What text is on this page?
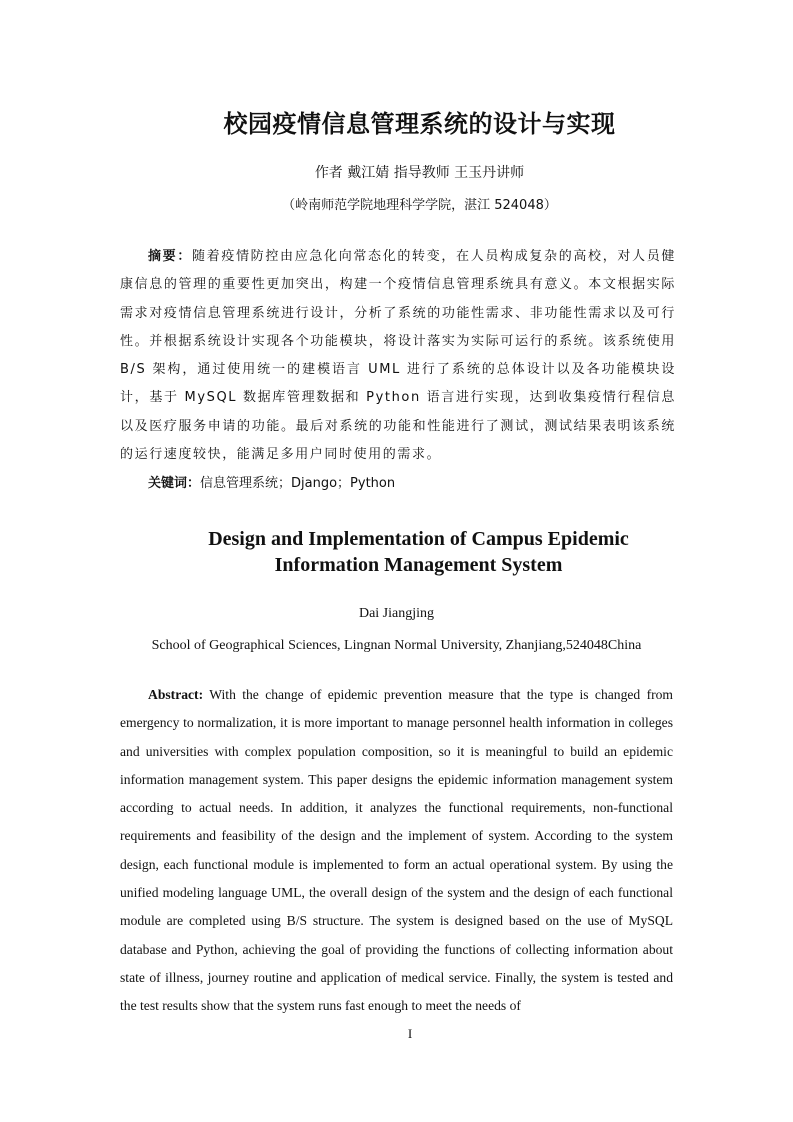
校园疫情信息管理系统的设计与实现

作者 戴江婧 指导教师 王玉丹讲师

（岭南师范学院地理科学学院，湛江 524048）

摘要：随着疫情防控由应急化向常态化的转变，在人员构成复杂的高校，对人员健康信息的管理的重要性更加突出，构建一个疫情信息管理系统具有意义。本文根据实际需求对疫情信息管理系统进行设计，分析了系统的功能性需求、非功能性需求以及可行性。并根据系统设计实现各个功能模块，将设计落实为实际可运行的系统。该系统使用 B/S 架构，通过使用统一的建模语言 UML 进行了系统的总体设计以及各功能模块设计，基于 MySQL 数据库管理数据和 Python 语言进行实现，达到收集疫情行程信息以及医疗服务申请的功能。最后对系统的功能和性能进行了测试，测试结果表明该系统的运行速度较快，能满足多用户同时使用的需求。

关键词：信息管理系统；Django；Python

Design and Implementation of Campus Epidemic
Information Management System

Dai Jiangjing

School of Geographical Sciences, Lingnan Normal University, Zhanjiang,524048China

Abstract: With the change of epidemic prevention measure that the type is changed from emergency to normalization, it is more important to manage personnel health information in colleges and universities with complex population composition, so it is meaningful to build an epidemic information management system. This paper designs the epidemic information management system according to actual needs. In addition, it analyzes the functional requirements, non-functional requirements and feasibility of the design and the implement of system. According to the system design, each functional module is implemented to form an actual operational system. By using the unified modeling language UML, the overall design of the system and the design of each functional module are completed using B/S structure. The system is designed based on the use of MySQL database and Python, achieving the goal of providing the functions of collecting information about state of illness, journey routine and application of medical service. Finally, the system is tested and the test results show that the system runs fast enough to meet the needs of

I
